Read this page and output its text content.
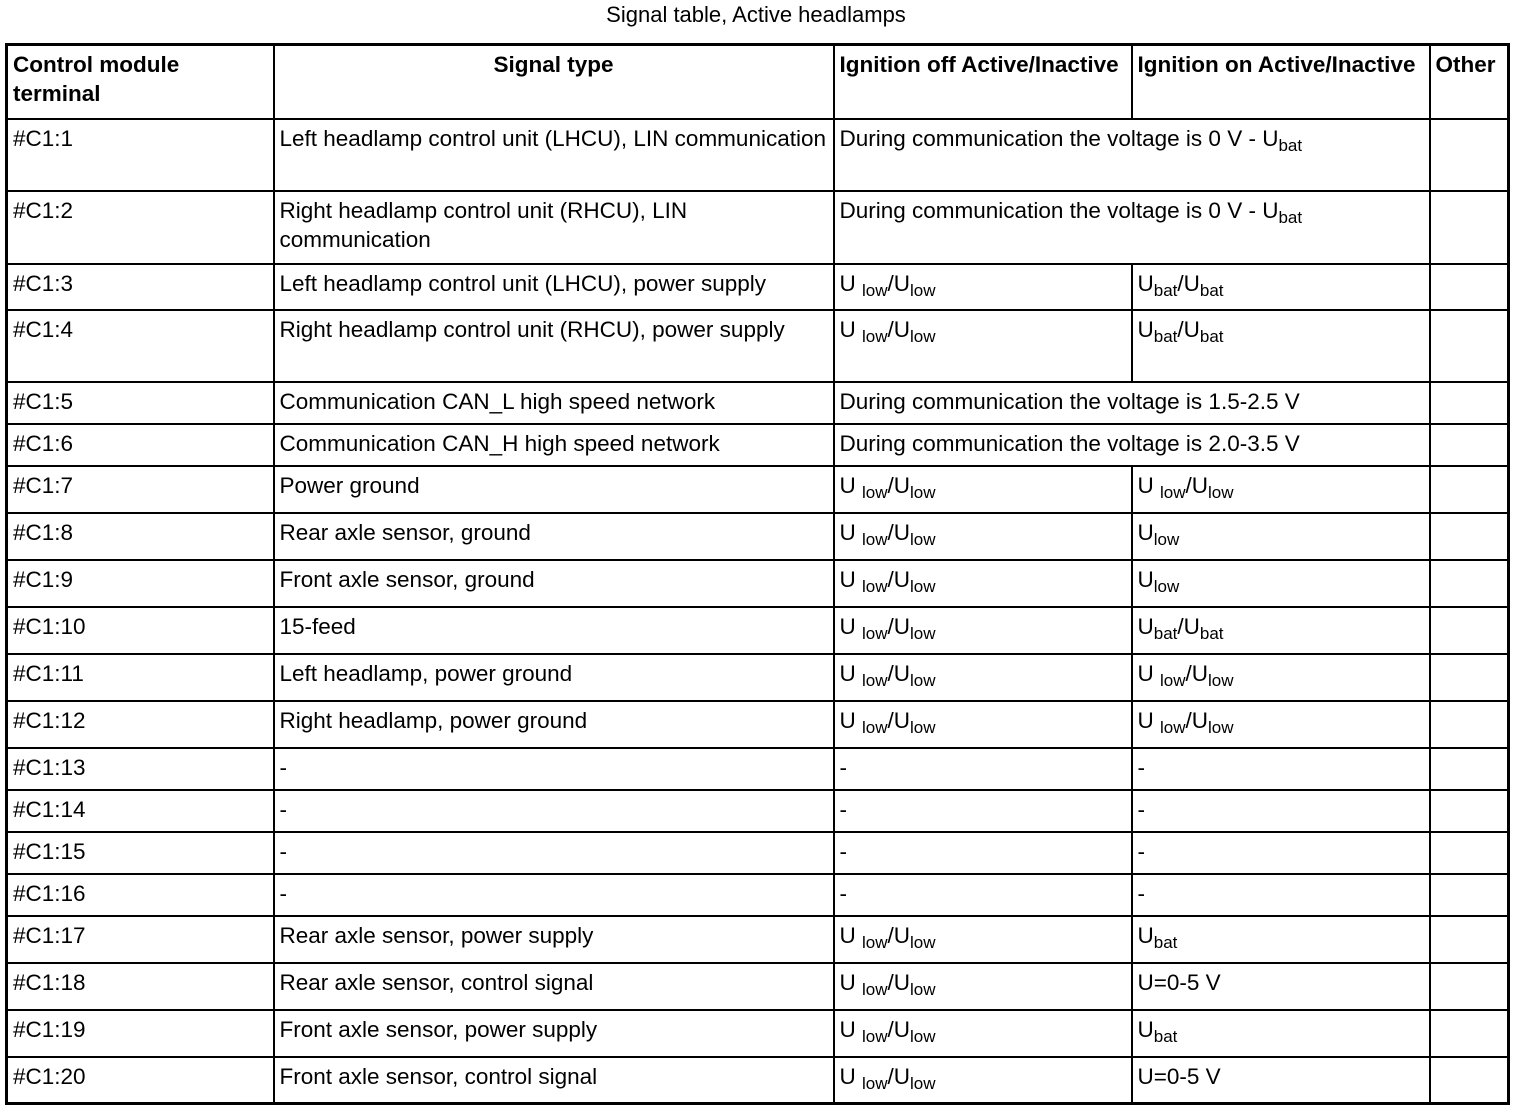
Signal table, Active headlamps
Control module terminal	Signal type	Ignition off Active/Inactive	Ignition on Active/Inactive	Other
#C1:1	Left headlamp control unit (LHCU), LIN communication	During communication the voltage is 0 V - $U_{bat}$	
#C1:2	Right headlamp control unit (RHCU), LIN communication	During communication the voltage is 0 V - $U_{bat}$	
#C1:3	Left headlamp control unit (LHCU), power supply	U $_{low}/U_{low}$	$U_{bat}/U_{bat}$	
#C1:4	Right headlamp control unit (RHCU), power supply	U $_{low}/U_{low}$	$U_{bat}/U_{bat}$	
#C1:5	Communication CAN_L high speed network	During communication the voltage is 1.5-2.5 V		
#C1:6	Communication CAN_H high speed network	During communication the voltage is 2.0-3.5 V		
#C1:7	Power ground	U $_{low}/U_{low}$	U $_{low}/U_{low}$	
#C1:8	Rear axle sensor, ground	U $_{low}/U_{low}$	$U_{low}$	
#C1:9	Front axle sensor, ground	U $_{low}/U_{low}$	$U_{low}$	
#C1:10	15-feed	U $_{low}/U_{low}$	$U_{bat}/U_{bat}$	
#C1:11	Left headlamp, power ground	U $_{low}/U_{low}$	U $_{low}/U_{low}$	
#C1:12	Right headlamp, power ground	U $_{low}/U_{low}$	U $_{low}/U_{low}$	
#C1:13	-	-	-	
#C1:14	-	-	-	
#C1:15	-	-	-	
#C1:16	-	-	-	
#C1:17	Rear axle sensor, power supply	U $_{low}/U_{low}$	$U_{bat}$	
#C1:18	Rear axle sensor, control signal	U $_{low}/U_{low}$	U=0-5 V	
#C1:19	Front axle sensor, power supply	U $_{low}/U_{low}$	$U_{bat}$	
#C1:20	Front axle sensor, control signal	U $_{low}/U_{low}$	U=0-5 V	
